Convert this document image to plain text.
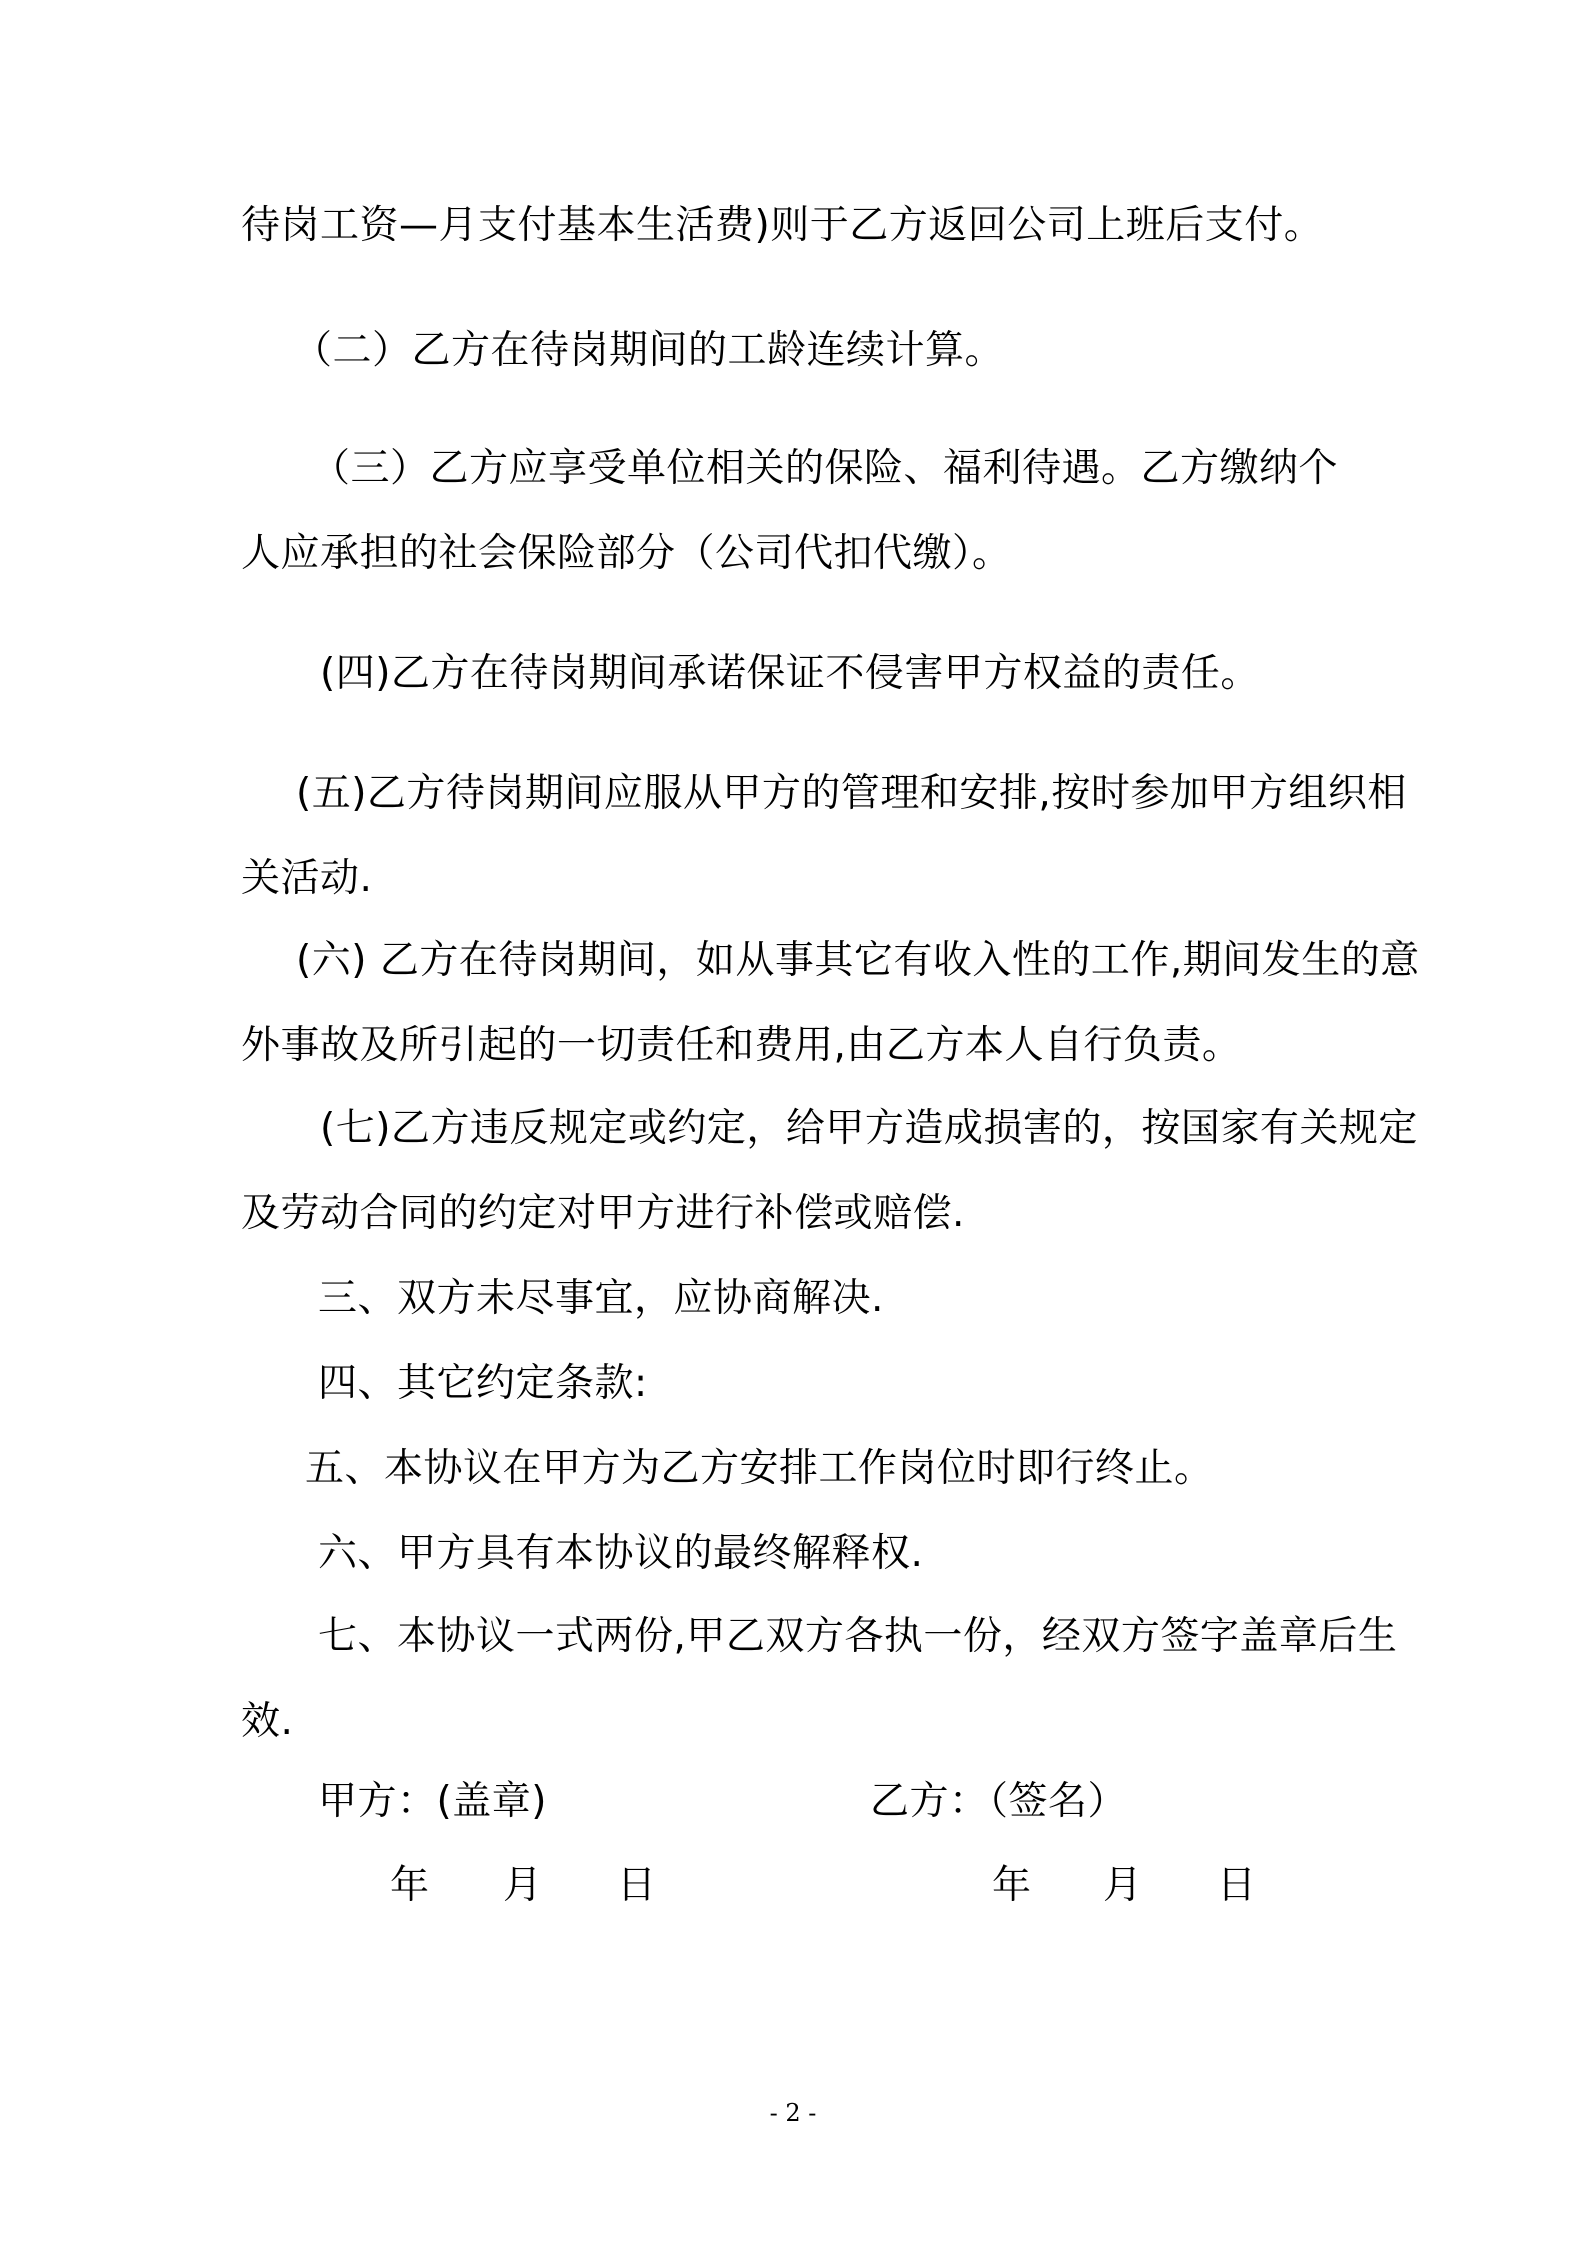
待岗工资—月支付基本生活费)则于乙方返回公司上班后支付。
（二）乙方在待岗期间的工龄连续计算。
（三）乙方应享受单位相关的保险、福利待遇。乙方缴纳个
人应承担的社会保险部分（公司代扣代缴）。
(四)乙方在待岗期间承诺保证不侵害甲方权益的责任。
(五)乙方待岗期间应服从甲方的管理和安排,按时参加甲方组织相
关活动.
(六) 乙方在待岗期间，如从事其它有收入性的工作,期间发生的意
外事故及所引起的一切责任和费用,由乙方本人自行负责。
(七)乙方违反规定或约定，给甲方造成损害的，按国家有关规定
及劳动合同的约定对甲方进行补偿或赔偿.
三、双方未尽事宜，应协商解决.
四、其它约定条款:
五、本协议在甲方为乙方安排工作岗位时即行终止。
六、甲方具有本协议的最终解释权.
七、本协议一式两份,甲乙双方各执一份，经双方签字盖章后生
效.
甲方：(盖章)	乙方：（签名）
年 月 日	年 月 日
- 2 -
